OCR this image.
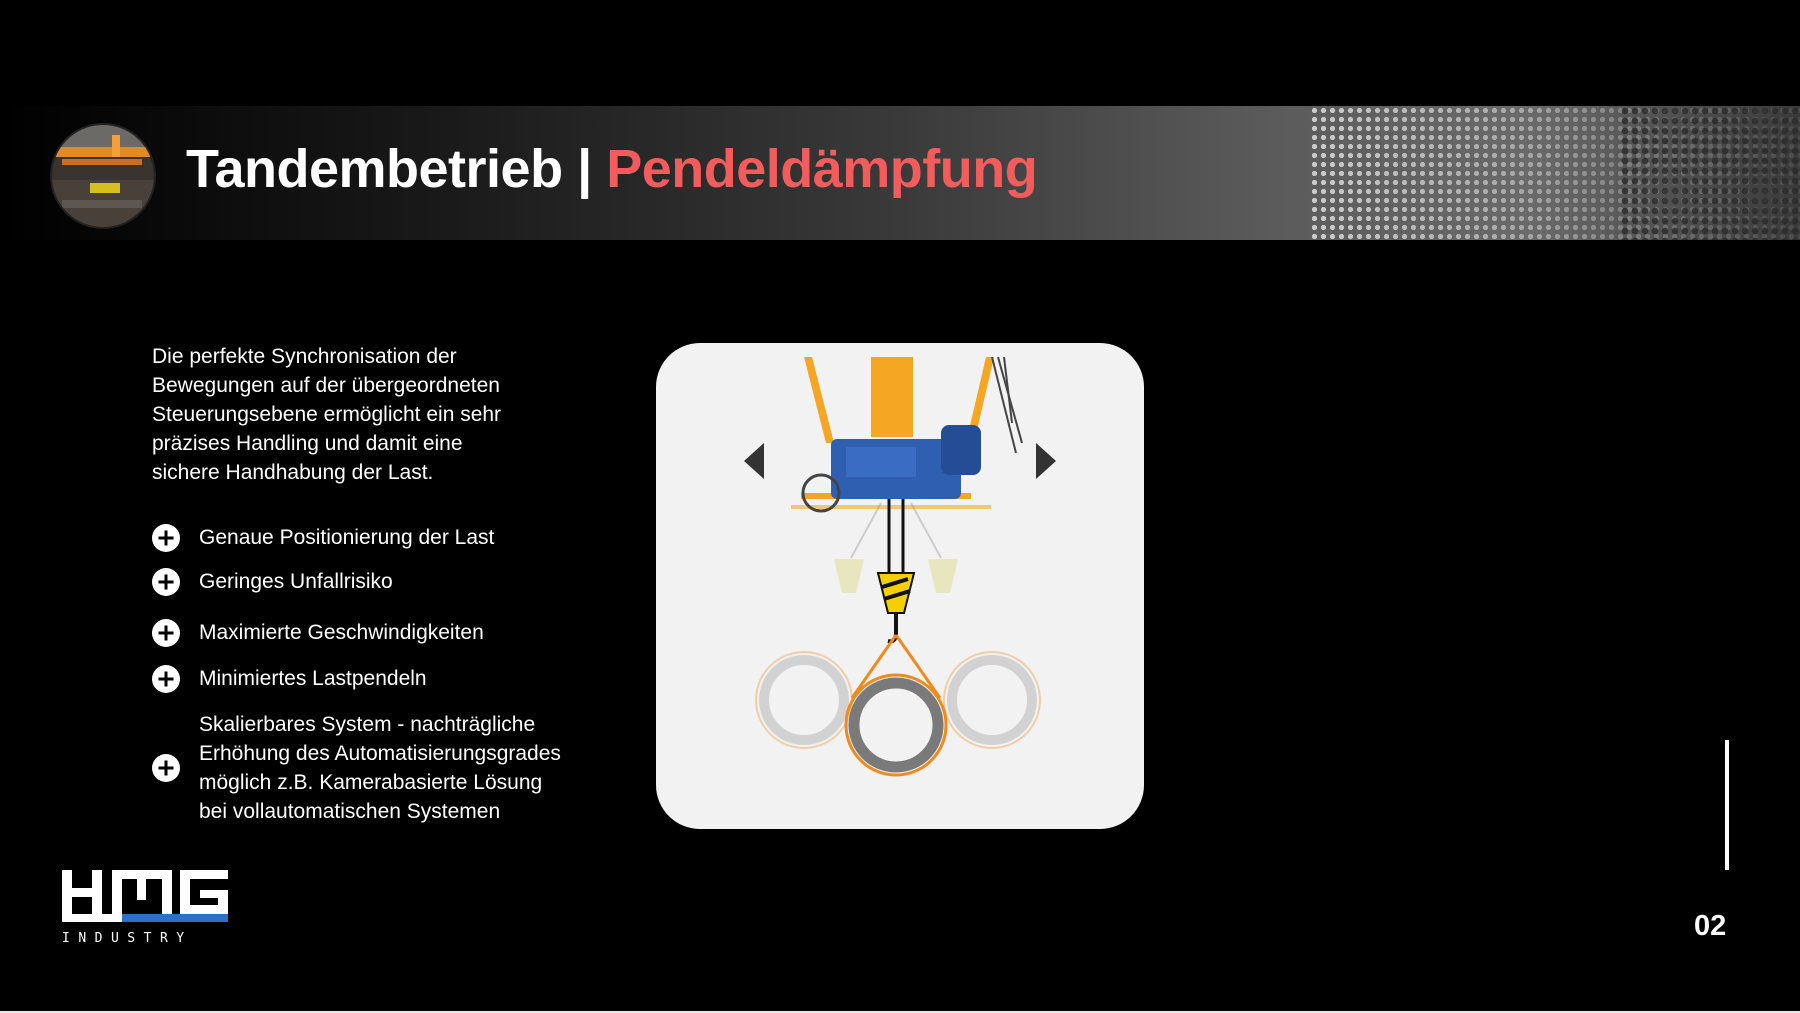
Tandembetrieb | Pendeldämpfung
Die perfekte Synchronisation der Bewegungen auf der übergeordneten Steuerungsebene ermöglicht ein sehr präzises Handling und damit eine sichere Handhabung der Last.
Genaue Positionierung der Last
Geringes Unfallrisiko
Maximierte Geschwindigkeiten
Minimiertes Lastpendeln
Skalierbares System - nachträgliche Erhöhung des Automatisierungsgrades möglich z.B. Kamerabasierte Lösung bei vollautomatischen Systemen
INDUSTRY	02
